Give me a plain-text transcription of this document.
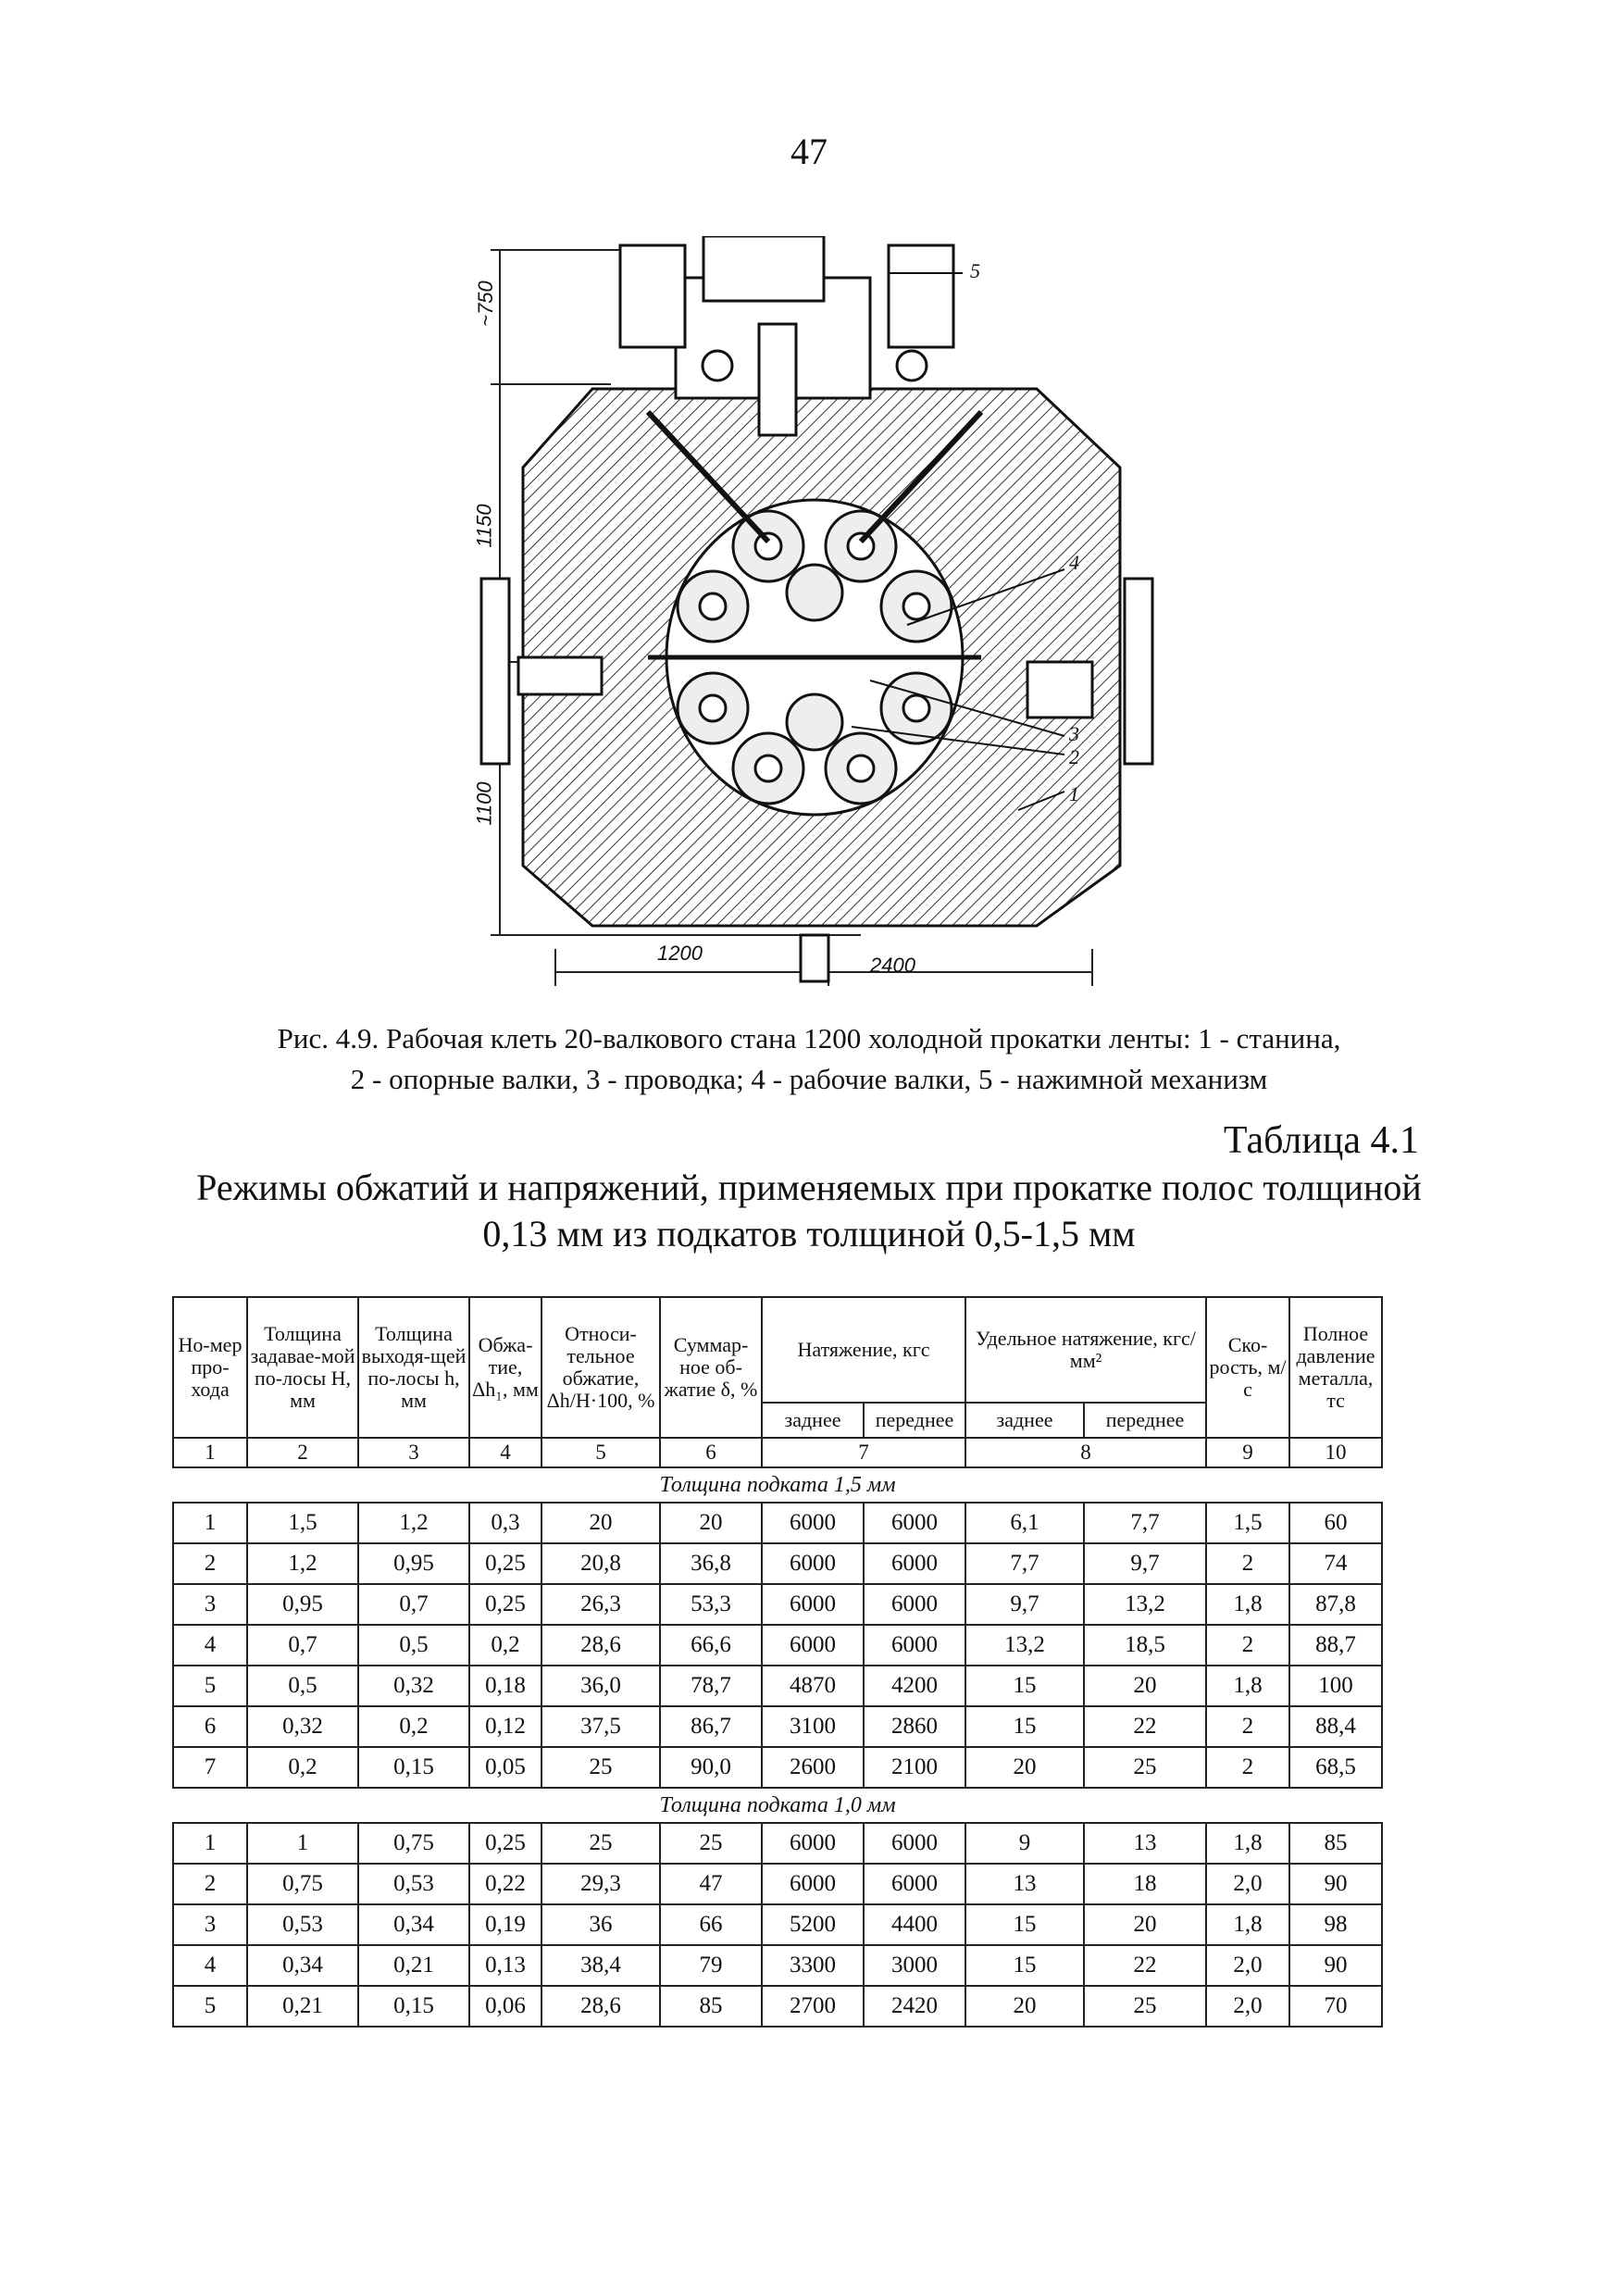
47
~750
1150
1100
1200
2400
5
4
3
2
1
Рис. 4.9. Рабочая клеть 20-валкового стана 1200 холодной прокатки ленты: 1 - станина,
2 - опорные валки, 3 - проводка; 4 - рабочие валки, 5 - нажимной механизм
Таблица 4.1
Режимы обжатий и напряжений, применяемых при прокатке полос толщиной
0,13 мм из подкатов толщиной 0,5-1,5 мм
Но-мер про-хода	Толщина задавае-мой по-лосы H, мм	Толщина выходя-щей по-лосы h, мм	Обжа-тие, Δh₁, мм	Относи-тельное обжатие, Δh/H·100, %	Суммар-ное об-жатие δ, %	Натяжение, кгс		Удельное натяжение, кгс/мм²		Ско-рость, м/с	Полное давление металла, тс
						заднее	переднее	заднее	переднее		
1	2	3	4	5	6	7		8		9	10
Толщина подката 1,5 мм											
1	1,5	1,2	0,3	20	20	6000	6000	6,1	7,7	1,5	60
2	1,2	0,95	0,25	20,8	36,8	6000	6000	7,7	9,7	2	74
3	0,95	0,7	0,25	26,3	53,3	6000	6000	9,7	13,2	1,8	87,8
4	0,7	0,5	0,2	28,6	66,6	6000	6000	13,2	18,5	2	88,7
5	0,5	0,32	0,18	36,0	78,7	4870	4200	15	20	1,8	100
6	0,32	0,2	0,12	37,5	86,7	3100	2860	15	22	2	88,4
7	0,2	0,15	0,05	25	90,0	2600	2100	20	25	2	68,5
Толщина подката 1,0 мм											
1	1	0,75	0,25	25	25	6000	6000	9	13	1,8	85
2	0,75	0,53	0,22	29,3	47	6000	6000	13	18	2,0	90
3	0,53	0,34	0,19	36	66	5200	4400	15	20	1,8	98
4	0,34	0,21	0,13	38,4	79	3300	3000	15	22	2,0	90
5	0,21	0,15	0,06	28,6	85	2700	2420	20	25	2,0	70
